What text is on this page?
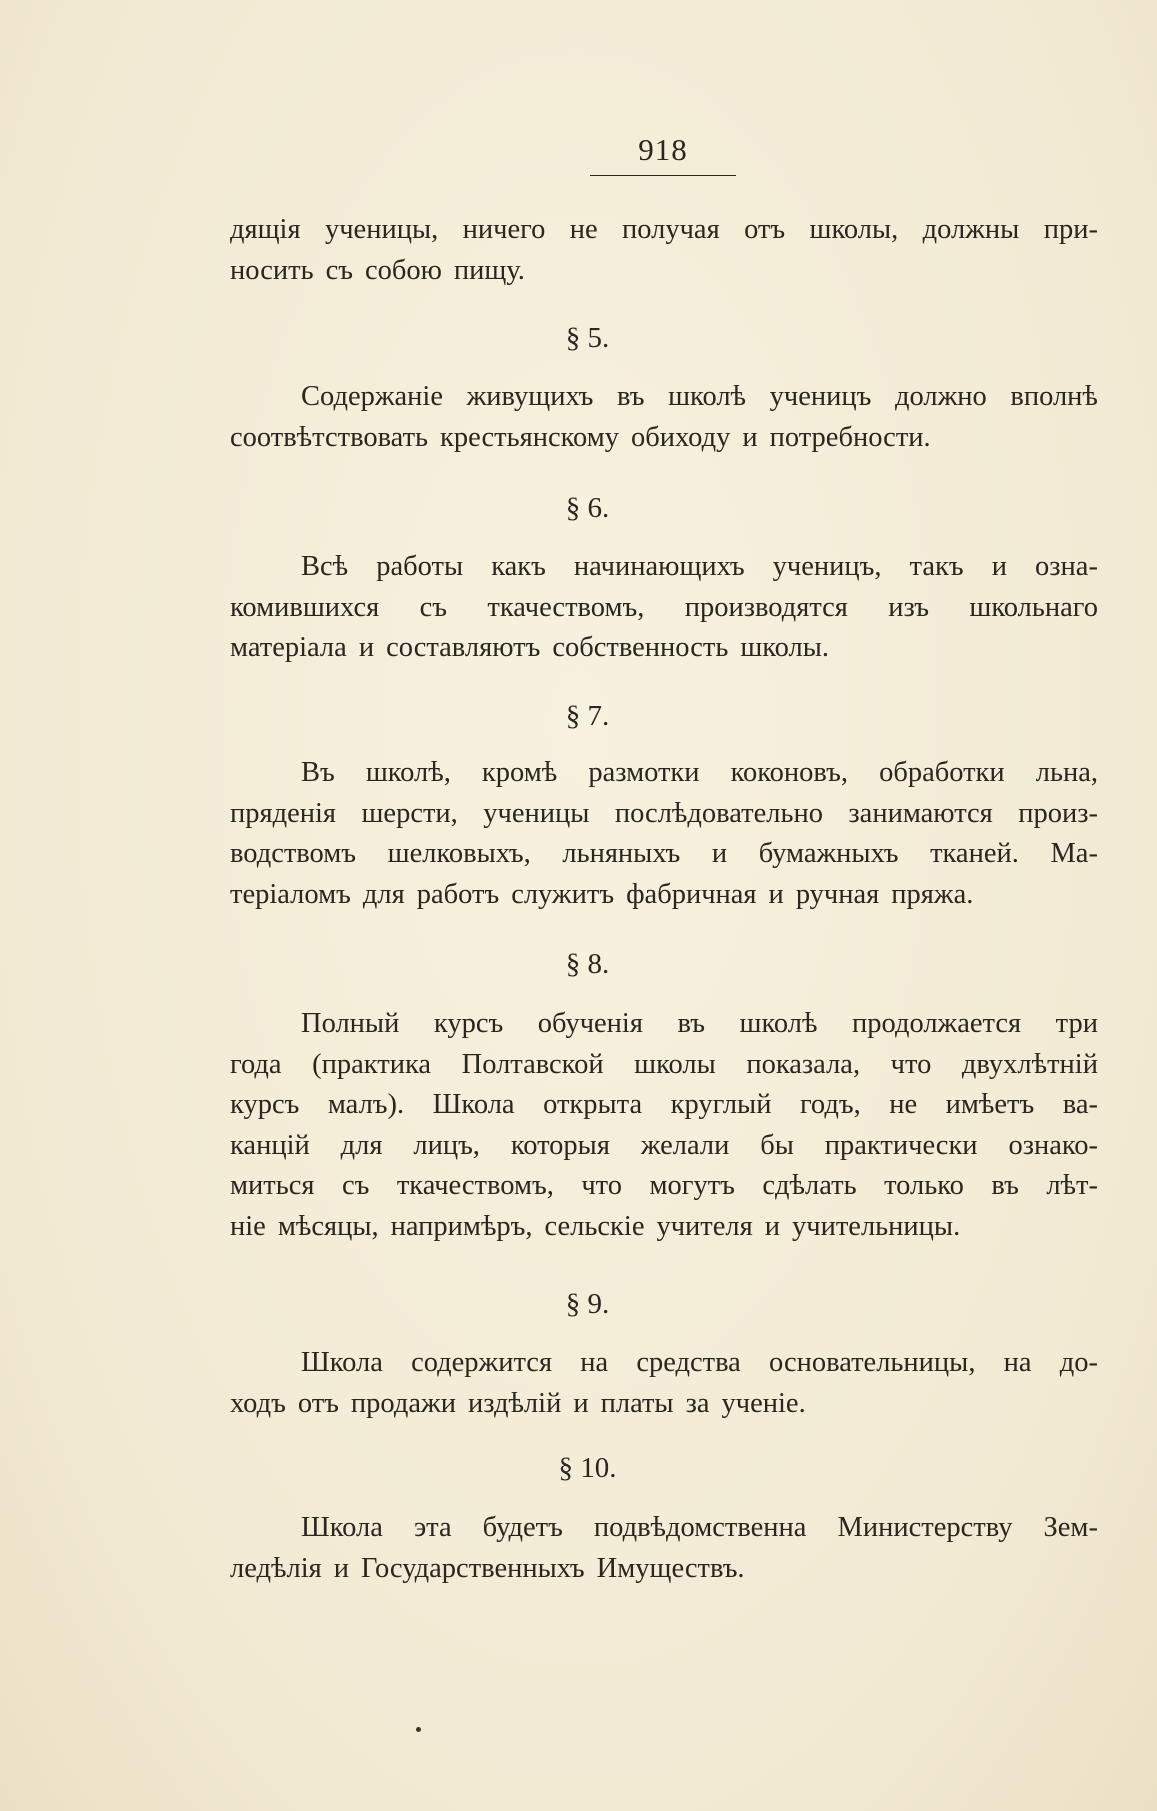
918
дящія ученицы, ничего не получая отъ школы, должны при-
носить съ собою пищу.
§ 5.
Содержаніе живущихъ въ школѣ ученицъ должно вполнѣ
соотвѣтствовать крестьянскому обиходу и потребности.
§ 6.
Всѣ работы какъ начинающихъ ученицъ, такъ и озна-
комившихся съ ткачествомъ, производятся изъ школьнаго
матеріала и составляютъ собственность школы.
§ 7.
Въ школѣ, кромѣ размотки коконовъ, обработки льна,
пряденія шерсти, ученицы послѣдовательно занимаются произ-
водствомъ шелковыхъ, льняныхъ и бумажныхъ тканей. Ма-
теріаломъ для работъ служитъ фабричная и ручная пряжа.
§ 8.
Полный курсъ обученія въ школѣ продолжается три
года (практика Полтавской школы показала, что двухлѣтній
курсъ малъ). Школа открыта круглый годъ, не имѣетъ ва-
канцій для лицъ, которыя желали бы практически ознако-
миться съ ткачествомъ, что могутъ сдѣлать только въ лѣт-
ніе мѣсяцы, напримѣръ, сельскіе учителя и учительницы.
§ 9.
Школа содержится на средства основательницы, на до-
ходъ отъ продажи издѣлій и платы за ученіе.
§ 10.
Школа эта будетъ подвѣдомственна Министерству Зем-
ледѣлія и Государственныхъ Имуществъ.
